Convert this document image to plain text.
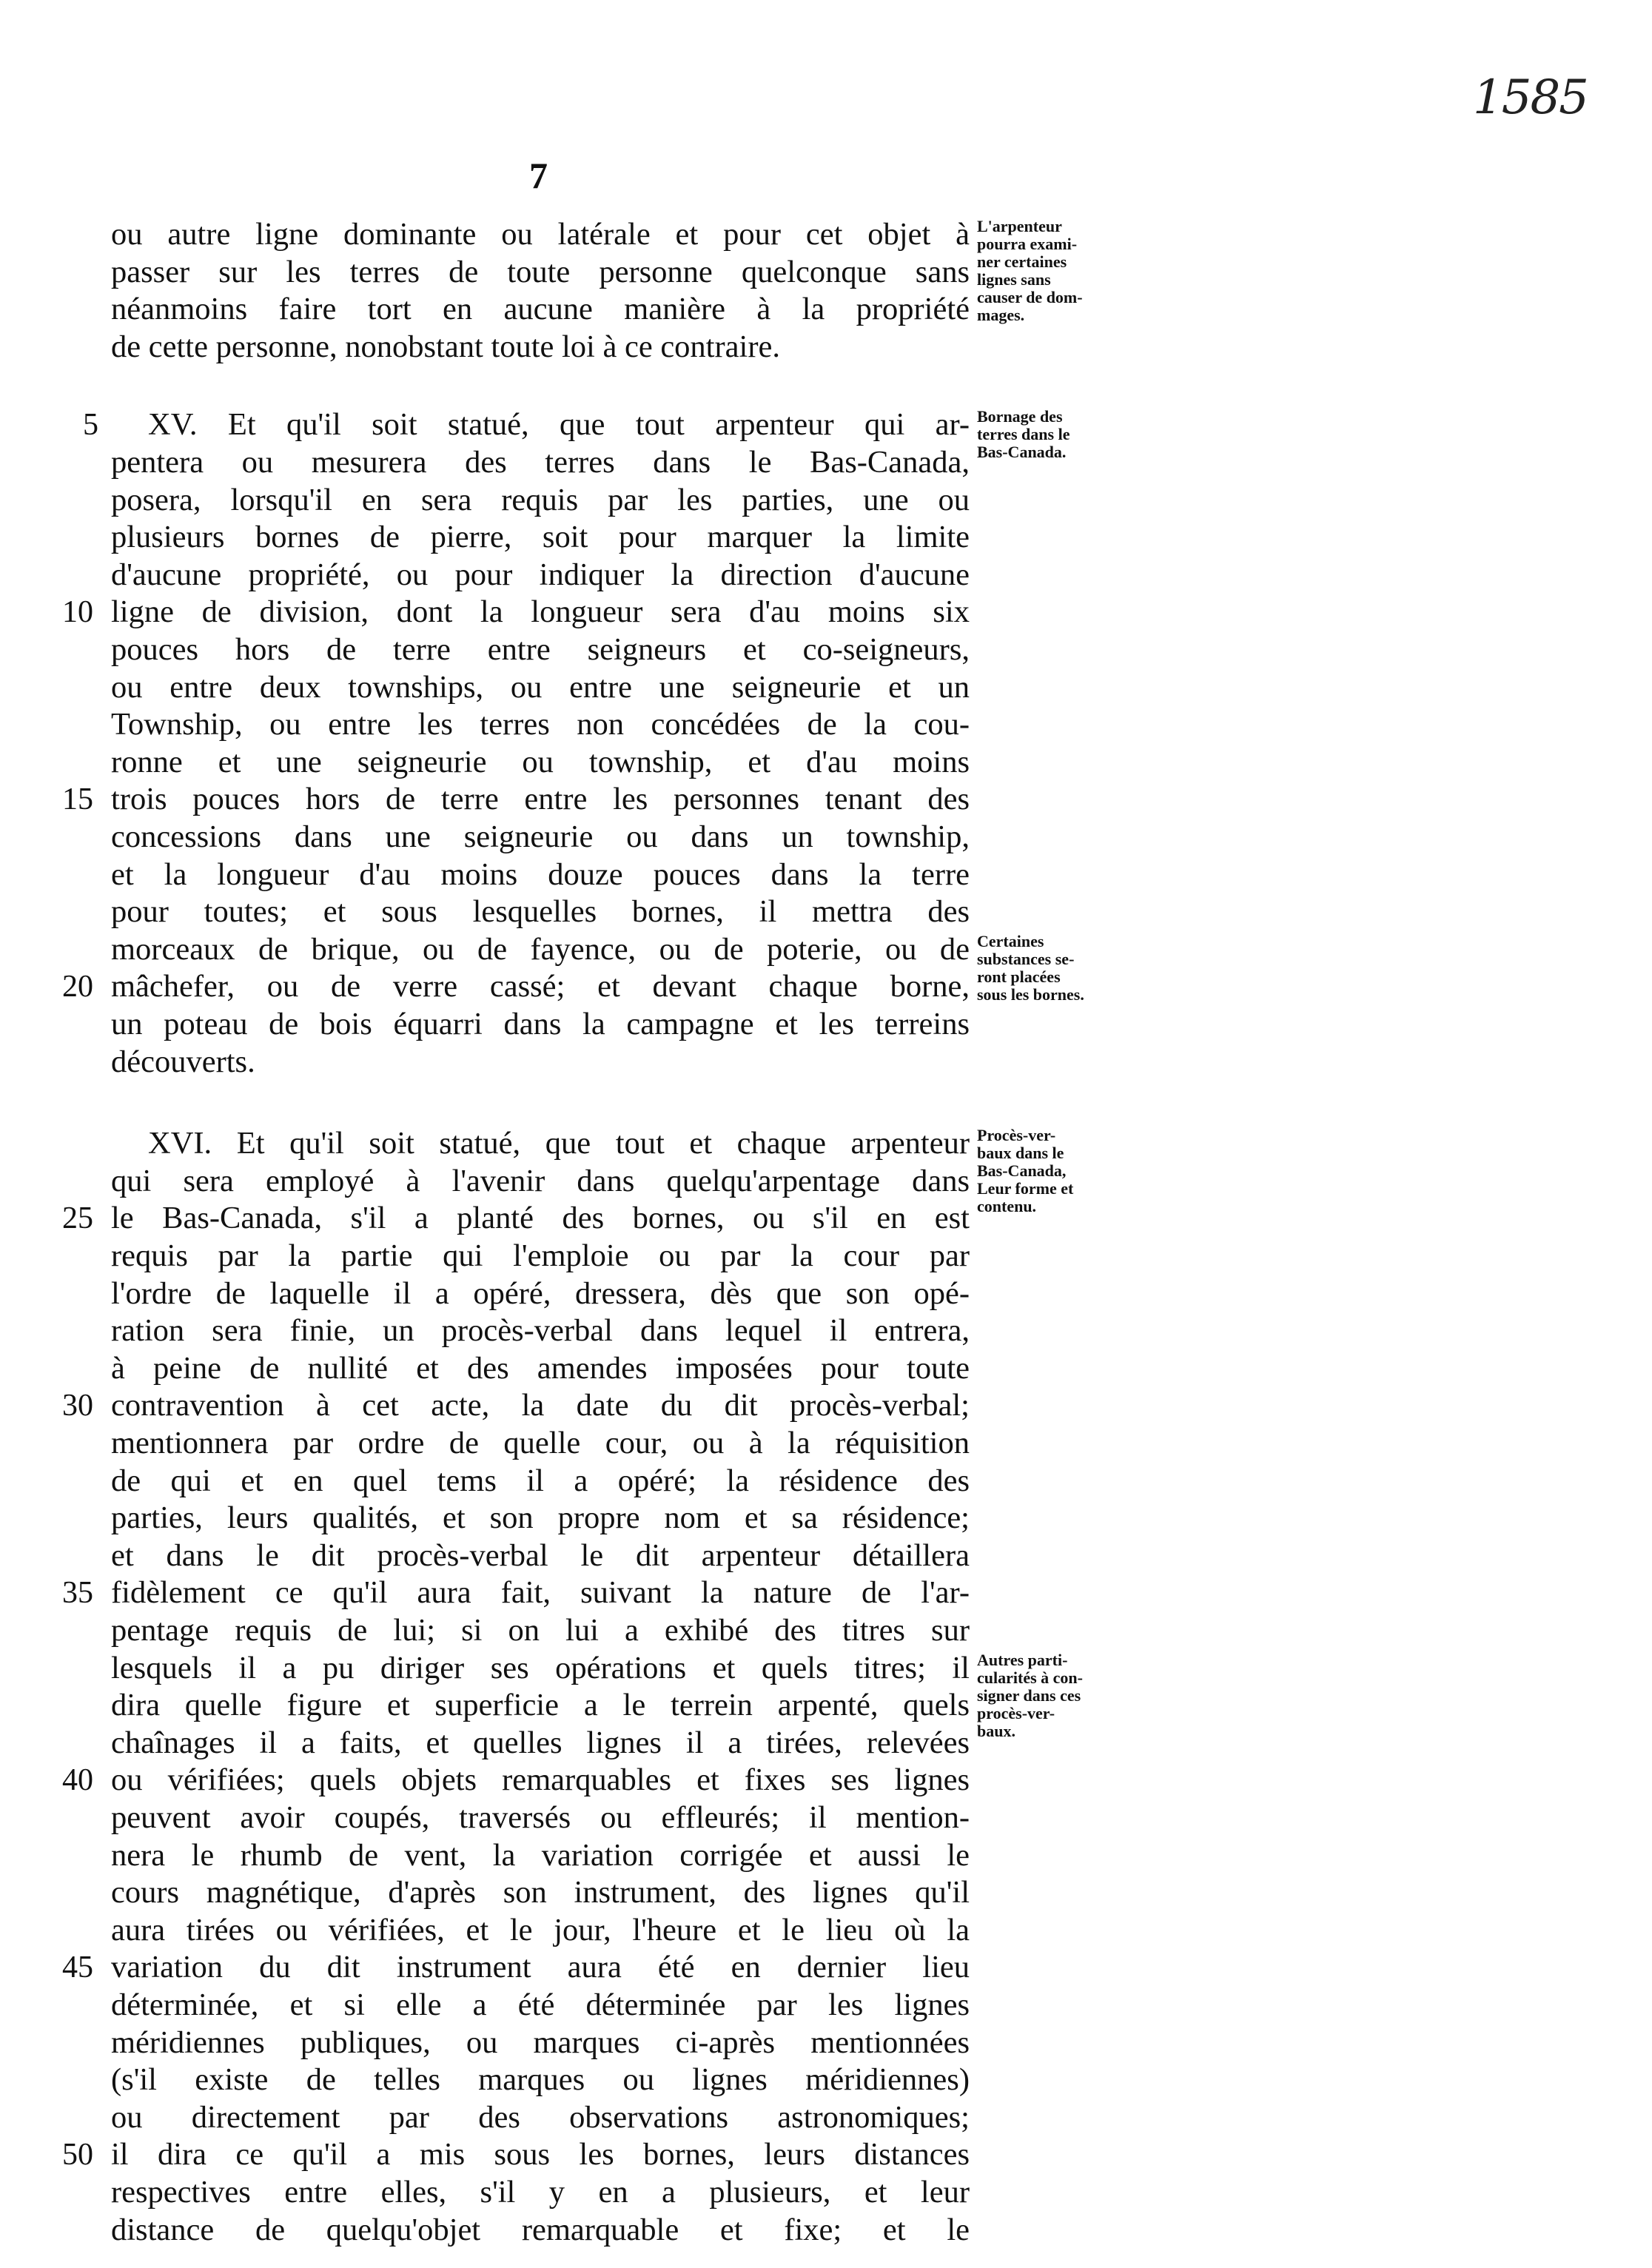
1585
7
ou autre ligne dominante ou latérale et pour cet objet à
passer sur les terres de toute personne quelconque sans
néanmoins faire tort en aucune manière à la propriété
de cette personne, nonobstant toute loi à ce contraire.
XV. Et qu'il soit statué, que tout arpenteur qui ar-
pentera ou mesurera des terres dans le Bas-Canada,
posera, lorsqu'il en sera requis par les parties, une ou
plusieurs bornes de pierre, soit pour marquer la limite
d'aucune propriété, ou pour indiquer la direction d'aucune
ligne de division, dont la longueur sera d'au moins six
pouces hors de terre entre seigneurs et co-seigneurs,
ou entre deux townships, ou entre une seigneurie et un
Township, ou entre les terres non concédées de la cou-
ronne et une seigneurie ou township, et d'au moins
trois pouces hors de terre entre les personnes tenant des
concessions dans une seigneurie ou dans un township,
et la longueur d'au moins douze pouces dans la terre
pour toutes; et sous lesquelles bornes, il mettra des
morceaux de brique, ou de fayence, ou de poterie, ou de
mâchefer, ou de verre cassé; et devant chaque borne,
un poteau de bois équarri dans la campagne et les terreins
découverts.
XVI. Et qu'il soit statué, que tout et chaque arpenteur
qui sera employé à l'avenir dans quelqu'arpentage dans
le Bas-Canada, s'il a planté des bornes, ou s'il en est
requis par la partie qui l'emploie ou par la cour par
l'ordre de laquelle il a opéré, dressera, dès que son opé-
ration sera finie, un procès-verbal dans lequel il entrera,
à peine de nullité et des amendes imposées pour toute
contravention à cet acte, la date du dit procès-verbal;
mentionnera par ordre de quelle cour, ou à la réquisition
de qui et en quel tems il a opéré; la résidence des
parties, leurs qualités, et son propre nom et sa résidence;
et dans le dit procès-verbal le dit arpenteur détaillera
fidèlement ce qu'il aura fait, suivant la nature de l'ar-
pentage requis de lui; si on lui a exhibé des titres sur
lesquels il a pu diriger ses opérations et quels titres; il
dira quelle figure et superficie a le terrein arpenté, quels
chaînages il a faits, et quelles lignes il a tirées, relevées
ou vérifiées; quels objets remarquables et fixes ses lignes
peuvent avoir coupés, traversés ou effleurés; il mention-
nera le rhumb de vent, la variation corrigée et aussi le
cours magnétique, d'après son instrument, des lignes qu'il
aura tirées ou vérifiées, et le jour, l'heure et le lieu où la
variation du dit instrument aura été en dernier lieu
déterminée, et si elle a été déterminée par les lignes
méridiennes publiques, ou marques ci-après mentionnées
(s'il existe de telles marques ou lignes méridiennes)
ou directement par des observations astronomiques;
il dira ce qu'il a mis sous les bornes, leurs distances
respectives entre elles, s'il y en a plusieurs, et leur
distance de quelqu'objet remarquable et fixe; et le
5
10
15
20
25
30
35
40
45
50
L'arpenteur
pourra exami-
ner certaines
lignes sans
causer de dom-
mages.
Bornage des
terres dans le
Bas-Canada.
Certaines
substances se-
ront placées
sous les bornes.
Procès-ver-
baux dans le
Bas-Canada,
Leur forme et
contenu.
Autres parti-
cularités à con-
signer dans ces
procès-ver-
baux.
